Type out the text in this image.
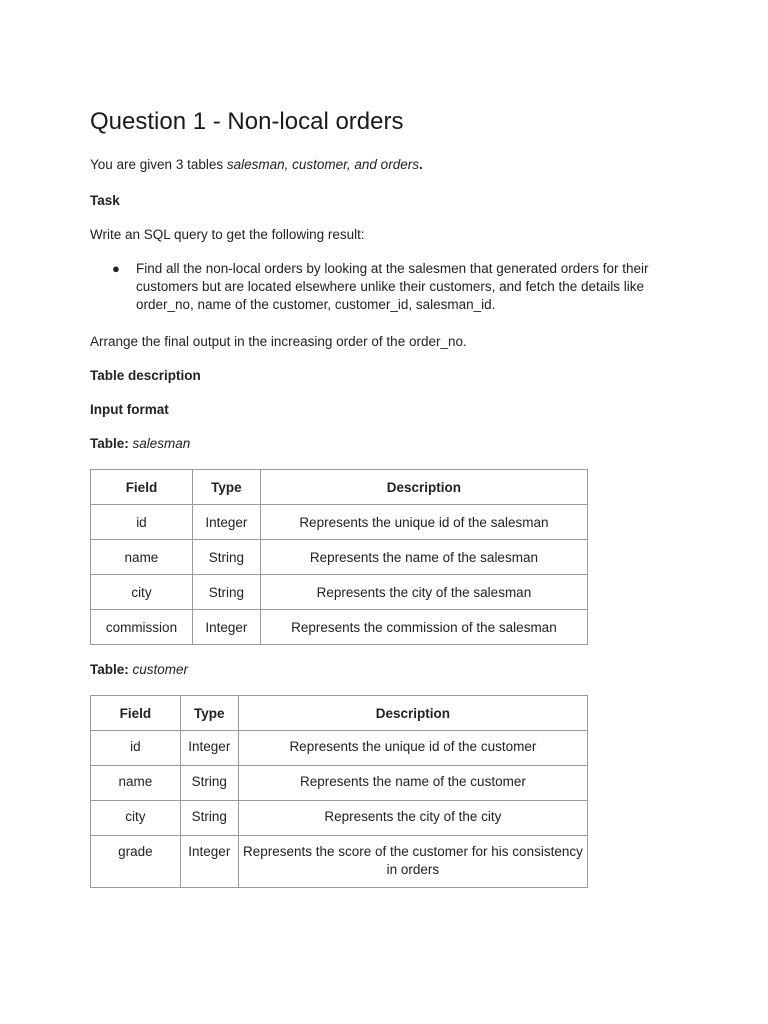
Question 1 - Non-local orders
You are given 3 tables salesman, customer, and orders.
Task
Write an SQL query to get the following result:
● Find all the non-local orders by looking at the salesmen that generated orders for their
customers but are located elsewhere unlike their customers, and fetch the details like
order_no, name of the customer, customer_id, salesman_id.
Arrange the final output in the increasing order of the order_no.
Table description
Input format
Table: salesman
Field	Type	Description
id	Integer	Represents the unique id of the salesman
name	String	Represents the name of the salesman
city	String	Represents the city of the salesman
commission	Integer	Represents the commission of the salesman
Table: customer
Field	Type	Description
id	Integer	Represents the unique id of the customer
name	String	Represents the name of the customer
city	String	Represents the city of the city
grade	Integer	Represents the score of the customer for his consistency in orders
